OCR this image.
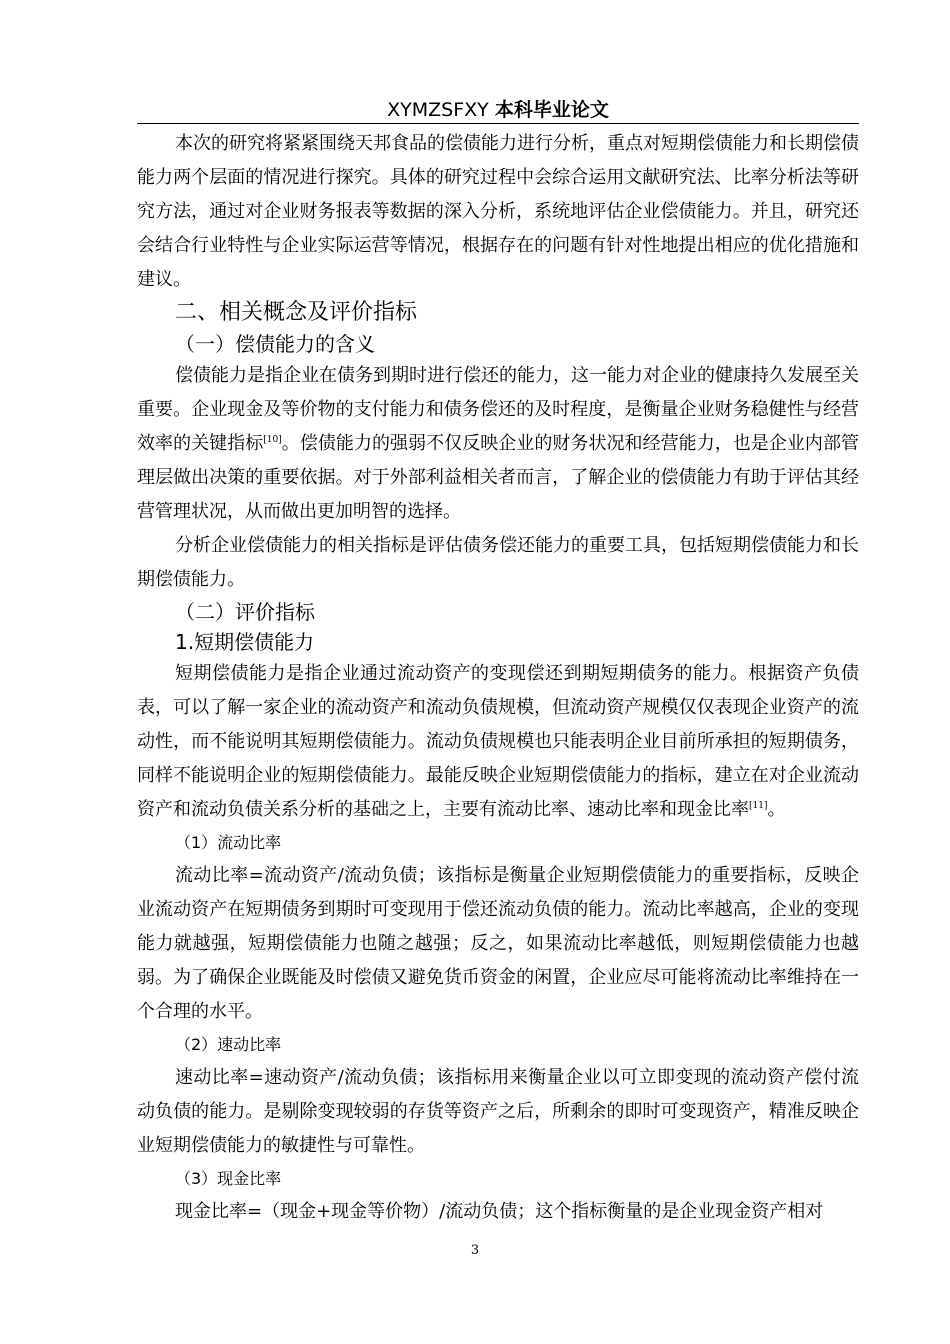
XYMZSFXY 本科毕业论文

本次的研究将紧紧围绕天邦食品的偿债能力进行分析，重点对短期偿债能力和长期偿债能力两个层面的情况进行探究。具体的研究过程中会综合运用文献研究法、比率分析法等研究方法，通过对企业财务报表等数据的深入分析，系统地评估企业偿债能力。并且，研究还会结合行业特性与企业实际运营等情况，根据存在的问题有针对性地提出相应的优化措施和建议。

二、相关概念及评价指标
（一）偿债能力的含义

偿债能力是指企业在债务到期时进行偿还的能力，这一能力对企业的健康持久发展至关重要。企业现金及等价物的支付能力和债务偿还的及时程度，是衡量企业财务稳健性与经营效率的关键指标[10]。偿债能力的强弱不仅反映企业的财务状况和经营能力，也是企业内部管理层做出决策的重要依据。对于外部利益相关者而言，了解企业的偿债能力有助于评估其经营管理状况，从而做出更加明智的选择。

分析企业偿债能力的相关指标是评估债务偿还能力的重要工具，包括短期偿债能力和长期偿债能力。

（二）评价指标
1.短期偿债能力

短期偿债能力是指企业通过流动资产的变现偿还到期短期债务的能力。根据资产负债表，可以了解一家企业的流动资产和流动负债规模，但流动资产规模仅仅表现企业资产的流动性，而不能说明其短期偿债能力。流动负债规模也只能表明企业目前所承担的短期债务，同样不能说明企业的短期偿债能力。最能反映企业短期偿债能力的指标，建立在对企业流动资产和流动负债关系分析的基础之上，主要有流动比率、速动比率和现金比率[11]。

（1）流动比率

流动比率=流动资产/流动负债；该指标是衡量企业短期偿债能力的重要指标，反映企业流动资产在短期债务到期时可变现用于偿还流动负债的能力。流动比率越高，企业的变现能力就越强，短期偿债能力也随之越强；反之，如果流动比率越低，则短期偿债能力也越弱。为了确保企业既能及时偿债又避免货币资金的闲置，企业应尽可能将流动比率维持在一个合理的水平。

（2）速动比率

速动比率=速动资产/流动负债；该指标用来衡量企业以可立即变现的流动资产偿付流动负债的能力。是剔除变现较弱的存货等资产之后，所剩余的即时可变现资产，精准反映企业短期偿债能力的敏捷性与可靠性。

（3）现金比率

现金比率=（现金+现金等价物）/流动负债；这个指标衡量的是企业现金资产相对

3
